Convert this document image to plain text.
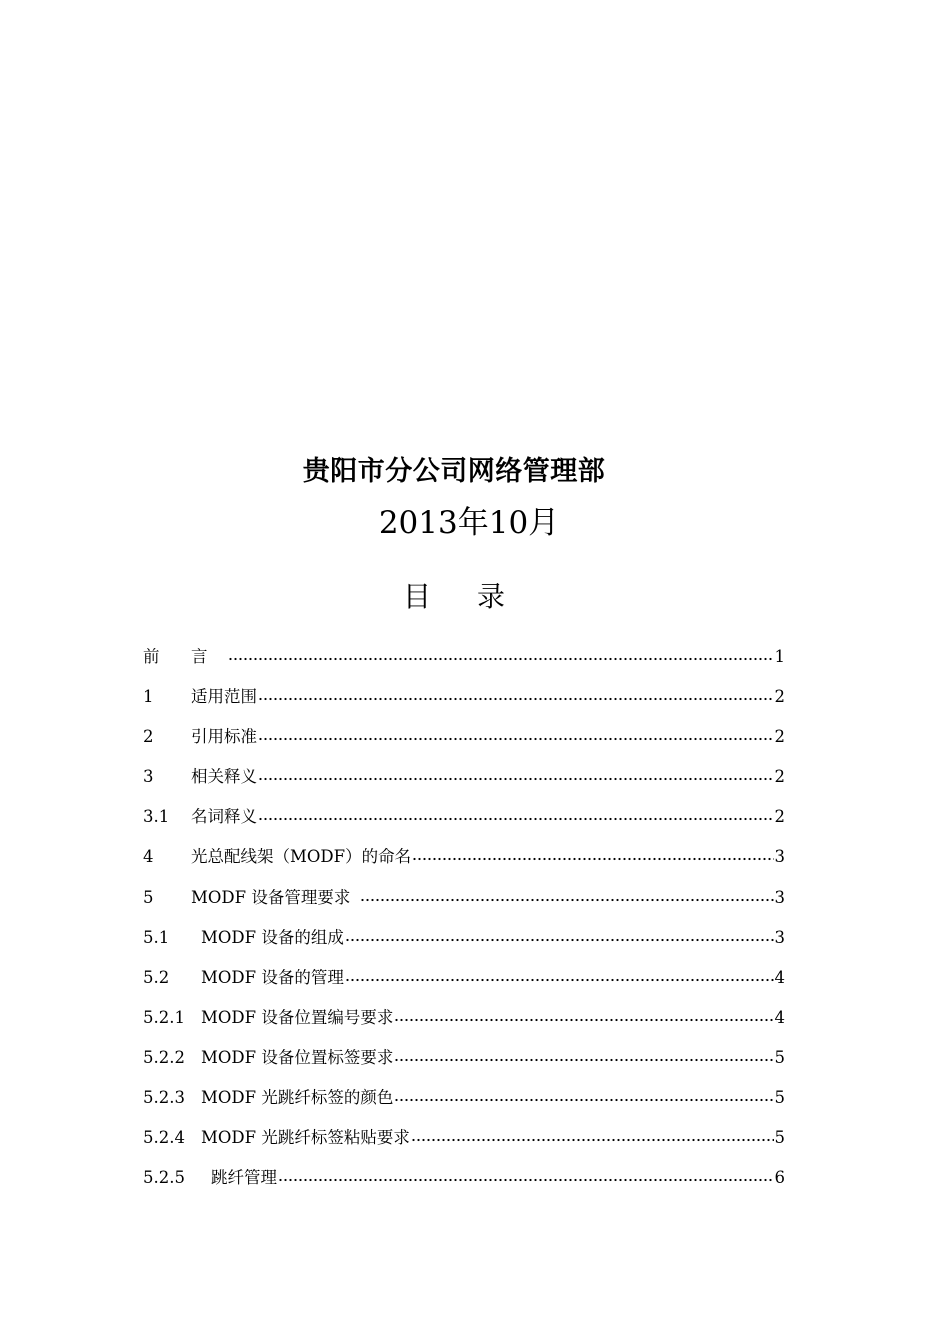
贵阳市分公司网络管理部
2013年10月
目 录
前	言	1
1	适用范围	2
2	引用标准	2
3	相关释义	2
3.1	名词释义	2
4	光总配线架（MODF）的命名	3
5	MODF 设备管理要求	3
5.1	MODF 设备的组成	3
5.2	MODF 设备的管理	4
5.2.1 MODF 设备位置编号要求	4
5.2.2 MODF 设备位置标签要求	5
5.2.3 MODF 光跳纤标签的颜色	5
5.2.4 MODF 光跳纤标签粘贴要求	5
5.2.5	跳纤管理	6
